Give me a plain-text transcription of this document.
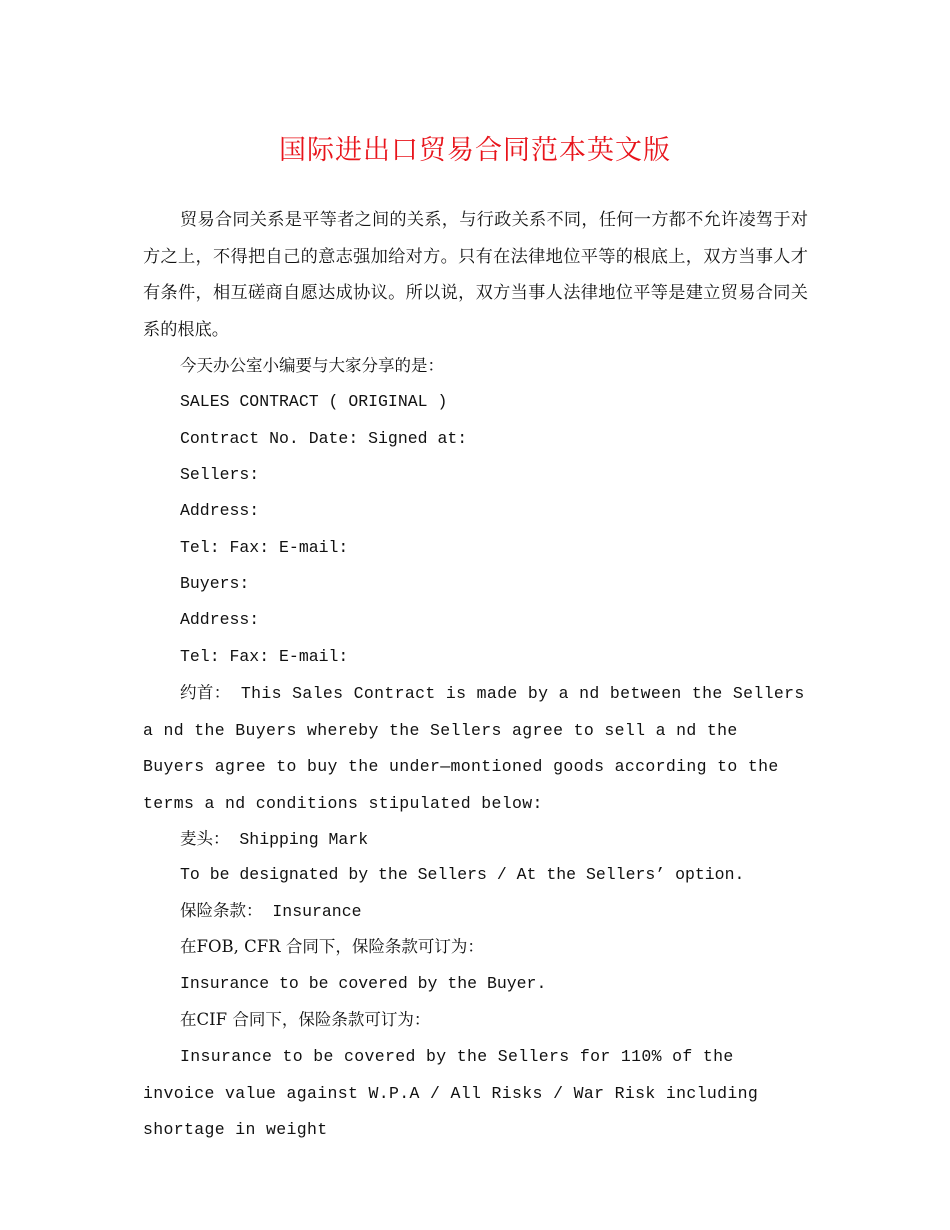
国际进出口贸易合同范本英文版
贸易合同关系是平等者之间的关系，与行政关系不同，任何一方都不允许凌驾于对方之上，不得把自己的意志强加给对方。只有在法律地位平等的根底上，双方当事人才有条件，相互磋商自愿达成协议。所以说，双方当事人法律地位平等是建立贸易合同关系的根底。
今天办公室小编要与大家分享的是：
SALES CONTRACT ( ORIGINAL )
Contract No. Date: Signed at:
Sellers:
Address:
Tel: Fax: E-mail:
Buyers:
Address:
Tel: Fax: E-mail:
约首： This Sales Contract is made by a nd between the Sellers a nd the Buyers whereby the Sellers agree to sell a nd the Buyers agree to buy the under—montioned goods according to the terms a nd conditions stipulated below:
麦头： Shipping Mark
To be designated by the Sellers / At the Sellers’ option.
保险条款： Insurance
在FOB, CFR 合同下，保险条款可订为：
Insurance to be covered by the Buyer.
在CIF 合同下，保险条款可订为：
Insurance to be covered by the Sellers for 110% of the invoice value against W.P.A / All Risks / War Risk including shortage in weight
